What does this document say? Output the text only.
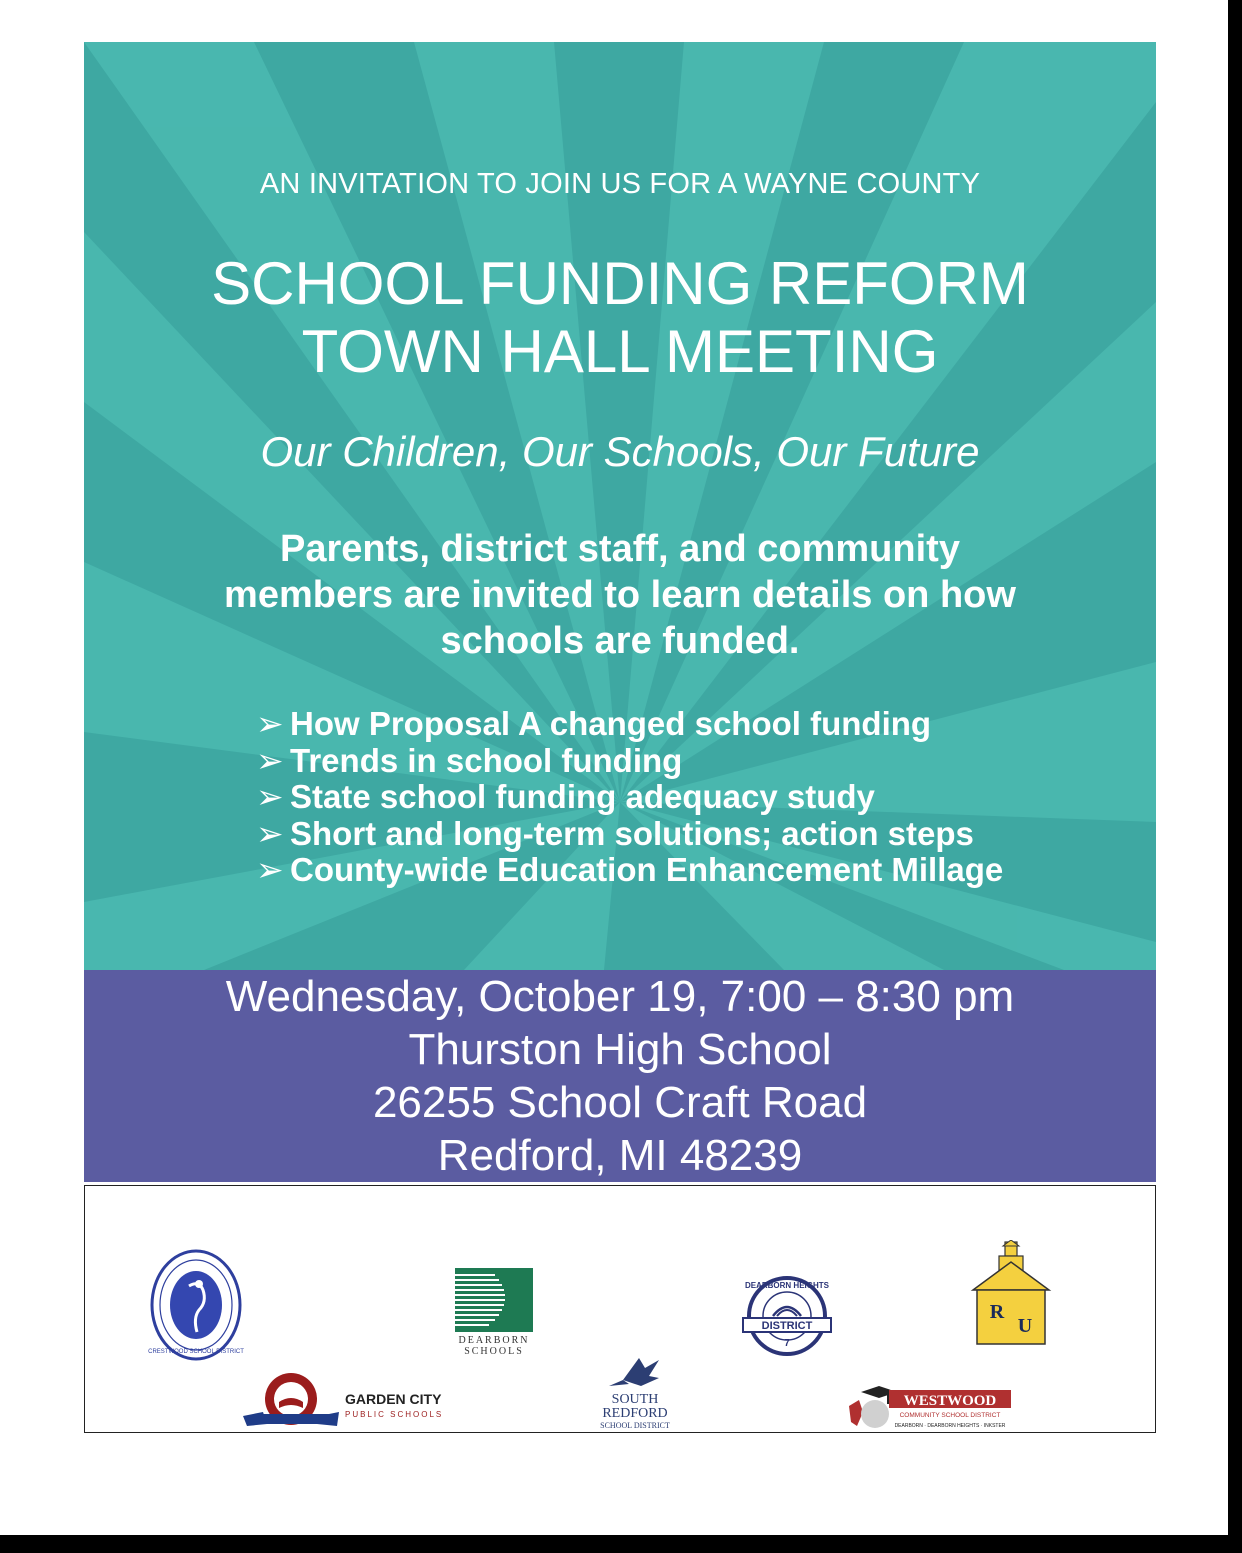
AN INVITATION TO JOIN US FOR A WAYNE COUNTY
SCHOOL FUNDING REFORM
TOWN HALL MEETING
Our Children, Our Schools, Our Future
Parents, district staff, and community
members are invited to learn details on how
schools are funded.
➢ How Proposal A changed school funding
➢ Trends in school funding
➢ State school funding adequacy study
➢ Short and long-term solutions; action steps
➢ County-wide Education Enhancement Millage
Wednesday, October 19, 7:00 – 8:30 pm
Thurston High School
26255 School Craft Road
Redford, MI 48239
CRESTWOOD SCHOOL DISTRICT
DEARBORN
SCHOOLS
DISTRICT
7
DEARBORN HEIGHTS
R
U
GARDEN CITY
PUBLIC SCHOOLS
SOUTH
REDFORD
SCHOOL DISTRICT
WESTWOOD
COMMUNITY SCHOOL DISTRICT
DEARBORN · DEARBORN HEIGHTS · INKSTER
